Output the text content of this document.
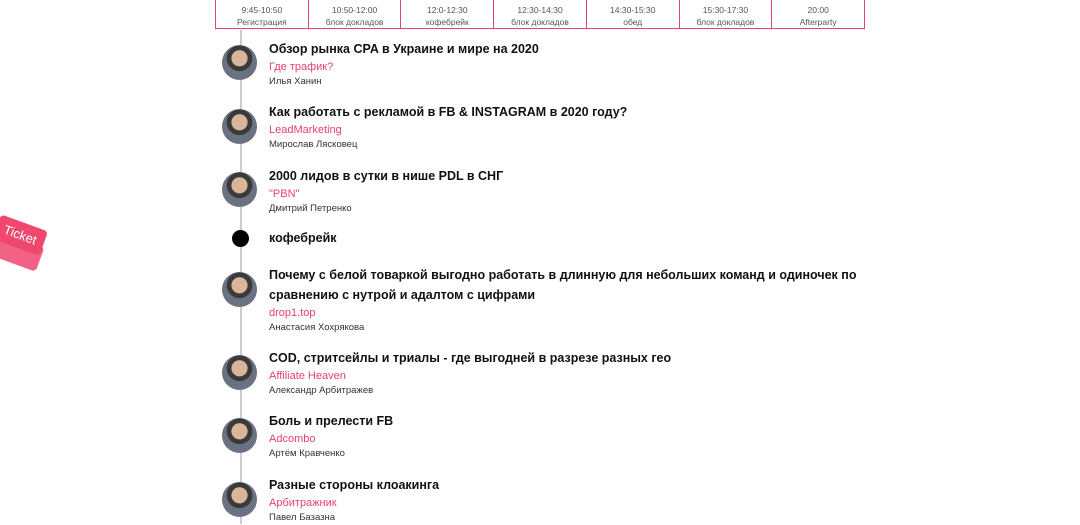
9:45-10:50
Регистрация
10:50-12:00
блок докладов
12:0-12:30
кофебрейк
12:30-14:30
блок докладов
14:30-15:30
обед
15:30-17:30
блок докладов
20:00
Afterparty
Ticket
Обзор рынка CPA в Украине и мире на 2020
Где трафик?
Илья Ханин
Как работать с рекламой в FB & INSTAGRAM в 2020 году?
LeadMarketing
Мирослав Лясковец
2000 лидов в сутки в нише PDL в СНГ
"PBN"
Дмитрий Петренко
кофебрейк
Почему с белой товаркой выгодно работать в длинную для небольших команд и одиночек по сравнению с нутрой и адалтом с цифрами
drop1.top
Анастасия Хохрякова
COD, стритсейлы и триалы - где выгодней в разрезе разных гео
Affiliate Heaven
Александр Арбитражев
Боль и прелести FB
Adcombo
Артём Кравченко
Разные стороны клоакинга
Арбитражник
Павел Базазна
